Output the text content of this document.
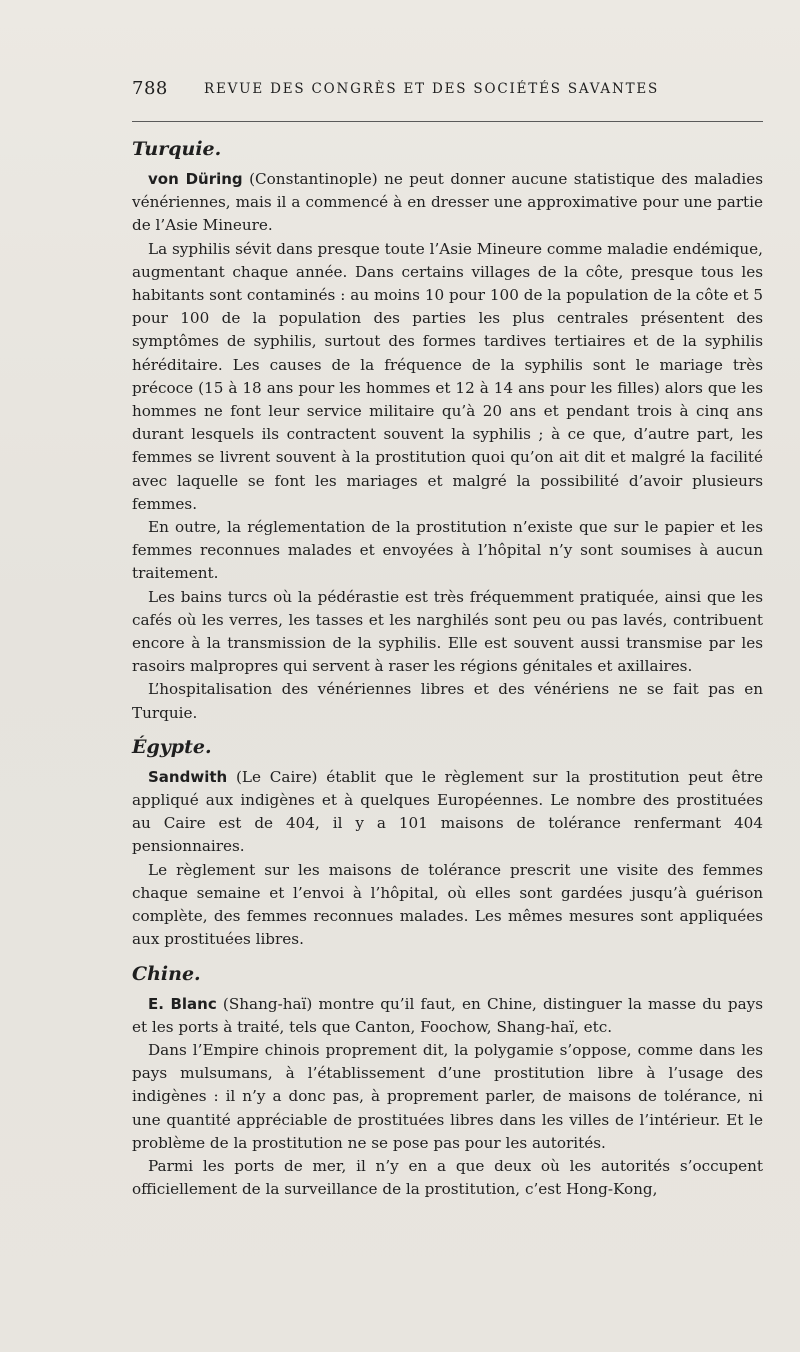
788	REVUE DES CONGRÈS ET DES SOCIÉTÉS SAVANTES
Turquie.

von Düring (Constantinople) ne peut donner aucune statistique des maladies vénériennes, mais il a commencé à en dresser une approximative pour une partie de l’Asie Mineure.

La syphilis sévit dans presque toute l’Asie Mineure comme maladie endémique, augmentant chaque année. Dans certains villages de la côte, presque tous les habitants sont contaminés : au moins 10 pour 100 de la population de la côte et 5 pour 100 de la population des parties les plus centrales présentent des symptômes de syphilis, surtout des formes tardives tertiaires et de la syphilis héréditaire. Les causes de la fréquence de la syphilis sont le mariage très précoce (15 à 18 ans pour les hommes et 12 à 14 ans pour les filles) alors que les hommes ne font leur service militaire qu’à 20 ans et pendant trois à cinq ans durant lesquels ils contractent souvent la syphilis ; à ce que, d’autre part, les femmes se livrent souvent à la prostitution quoi qu’on ait dit et malgré la facilité avec laquelle se font les mariages et malgré la possibilité d’avoir plusieurs femmes.

En outre, la réglementation de la prostitution n’existe que sur le papier et les femmes reconnues malades et envoyées à l’hôpital n’y sont soumises à aucun traitement.

Les bains turcs où la pédérastie est très fréquemment pratiquée, ainsi que les cafés où les verres, les tasses et les narghilés sont peu ou pas lavés, contribuent encore à la transmission de la syphilis. Elle est souvent aussi transmise par les rasoirs malpropres qui servent à raser les régions génitales et axillaires.

L’hospitalisation des vénériennes libres et des vénériens ne se fait pas en Turquie.

Égypte.

Sandwith (Le Caire) établit que le règlement sur la prostitution peut être appliqué aux indigènes et à quelques Européennes. Le nombre des prostituées au Caire est de 404, il y a 101 maisons de tolérance renfermant 404 pensionnaires.

Le règlement sur les maisons de tolérance prescrit une visite des femmes chaque semaine et l’envoi à l’hôpital, où elles sont gardées jusqu’à guérison complète, des femmes reconnues malades. Les mêmes mesures sont appliquées aux prostituées libres.

Chine.

E. Blanc (Shang-haï) montre qu’il faut, en Chine, distinguer la masse du pays et les ports à traité, tels que Canton, Foochow, Shang-haï, etc.

Dans l’Empire chinois proprement dit, la polygamie s’oppose, comme dans les pays mulsumans, à l’établissement d’une prostitution libre à l’usage des indigènes : il n’y a donc pas, à proprement parler, de maisons de tolérance, ni une quantité appréciable de prostituées libres dans les villes de l’intérieur. Et le problème de la prostitution ne se pose pas pour les autorités.

Parmi les ports de mer, il n’y en a que deux où les autorités s’occupent officiellement de la surveillance de la prostitution, c’est Hong-Kong,
